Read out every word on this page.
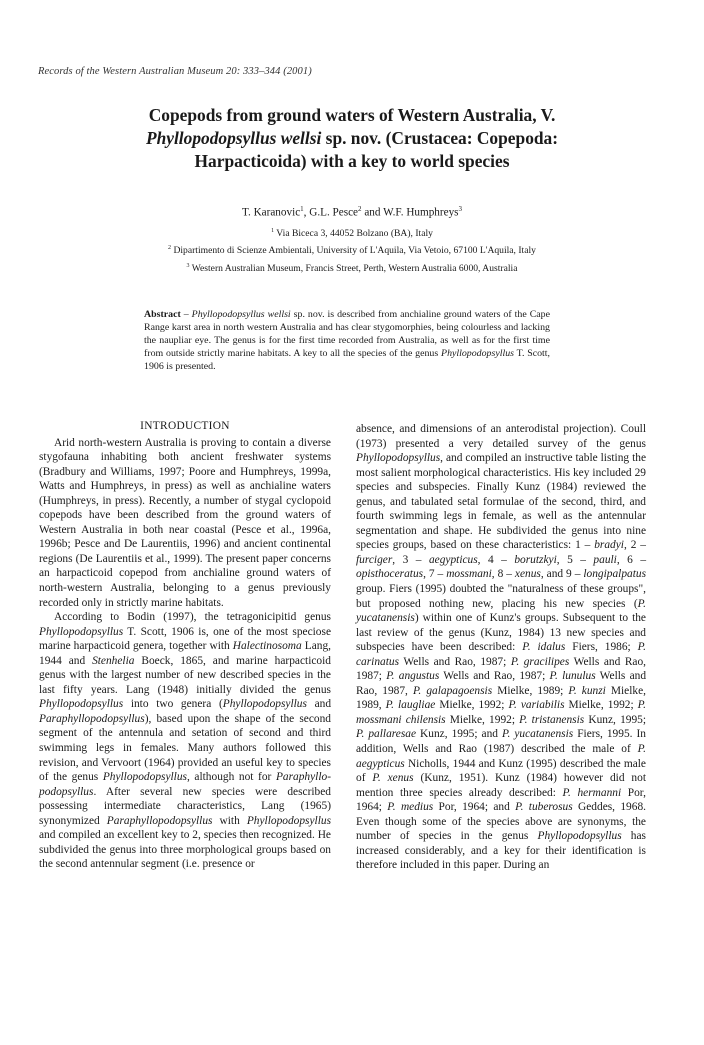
Records of the Western Australian Museum 20: 333–344 (2001)
Copepods from ground waters of Western Australia, V.
Phyllopodopsyllus wellsi sp. nov. (Crustacea: Copepoda:
Harpacticoida) with a key to world species
T. Karanovic$^1$, G.L. Pesce$^2$ and W.F. Humphreys$^3$
$^1$ Via Biceca 3, 44052 Bolzano (BA), Italy
$^2$ Dipartimento di Scienze Ambientali, University of L'Aquila, Via Vetoio, 67100 L'Aquila, Italy
$^3$ Western Australian Museum, Francis Street, Perth, Western Australia 6000, Australia
Abstract – Phyllopodopsyllus wellsi sp. nov. is described from anchialine ground waters of the Cape Range karst area in north western Australia and has clear stygomorphies, being colourless and lacking the naupliar eye. The genus is for the first time recorded from Australia, as well as for the first time from outside strictly marine habitats. A key to all the species of the genus Phyllopodopsyllus T. Scott, 1906 is presented.
INTRODUCTION

Arid north-western Australia is proving to contain a diverse stygofauna inhabiting both ancient freshwater systems (Bradbury and Williams, 1997; Poore and Humphreys, 1999a, Watts and Humphreys, in press) as well as anchialine waters (Humphreys, in press). Recently, a number of stygal cyclopoid copepods have been described from the ground waters of Western Australia in both near coastal (Pesce et al., 1996a, 1996b; Pesce and De Laurentiis, 1996) and ancient continental regions (De Laurentiis et al., 1999). The present paper concerns an harpacticoid copepod from anchialine ground waters of north-western Australia, belonging to a genus previously recorded only in strictly marine habitats.

According to Bodin (1997), the tetragonicipitid genus Phyllopodopsyllus T. Scott, 1906 is, one of the most speciose marine harpacticoid genera, together with Halectinosoma Lang, 1944 and Stenhelia Boeck, 1865, and marine harpacticoid genus with the largest number of new described species in the last fifty years. Lang (1948) initially divided the genus Phyllopodopsyllus into two genera (Phyllopodopsyllus and Paraphyllopodopsyllus), based upon the shape of the second segment of the antennula and setation of second and third swimming legs in females. Many authors followed this revision, and Vervoort (1964) provided an useful key to species of the genus Phyllopodopsyllus, although not for Paraphyllo-podopsyllus. After several new species were described possessing intermediate characteristics, Lang (1965) synonymized Paraphyllopodopsyllus with Phyllopodopsyllus and compiled an excellent key to 2, species then recognized. He subdivided the genus into three morphological groups based on the second antennular segment (i.e. presence or

absence, and dimensions of an anterodistal projection). Coull (1973) presented a very detailed survey of the genus Phyllopodopsyllus, and compiled an instructive table listing the most salient morphological characteristics. His key included 29 species and subspecies. Finally Kunz (1984) reviewed the genus, and tabulated setal formulae of the second, third, and fourth swimming legs in female, as well as the antennular segmentation and shape. He subdivided the genus into nine species groups, based on these characteristics: 1 – bradyi, 2 – furciger, 3 – aegypticus, 4 – borutzkyi, 5 – pauli, 6 – opisthoceratus, 7 – mossmani, 8 – xenus, and 9 – longipalpatus group. Fiers (1995) doubted the "naturalness of these groups", but proposed nothing new, placing his new species (P. yucatanensis) within one of Kunz's groups. Subsequent to the last review of the genus (Kunz, 1984) 13 new species and subspecies have been described: P. idalus Fiers, 1986; P. carinatus Wells and Rao, 1987; P. gracilipes Wells and Rao, 1987; P. angustus Wells and Rao, 1987; P. lunulus Wells and Rao, 1987, P. galapagoensis Mielke, 1989; P. kunzi Mielke, 1989, P. laugliae Mielke, 1992; P. variabilis Mielke, 1992; P. mossmani chilensis Mielke, 1992; P. tristanensis Kunz, 1995; P. pallaresae Kunz, 1995; and P. yucatanensis Fiers, 1995. In addition, Wells and Rao (1987) described the male of P. aegypticus Nicholls, 1944 and Kunz (1995) described the male of P. xenus (Kunz, 1951). Kunz (1984) however did not mention three species already described: P. hermanni Por, 1964; P. medius Por, 1964; and P. tuberosus Geddes, 1968. Even though some of the species above are synonyms, the number of species in the genus Phyllopodopsyllus has increased considerably, and a key for their identification is therefore included in this paper. During an
